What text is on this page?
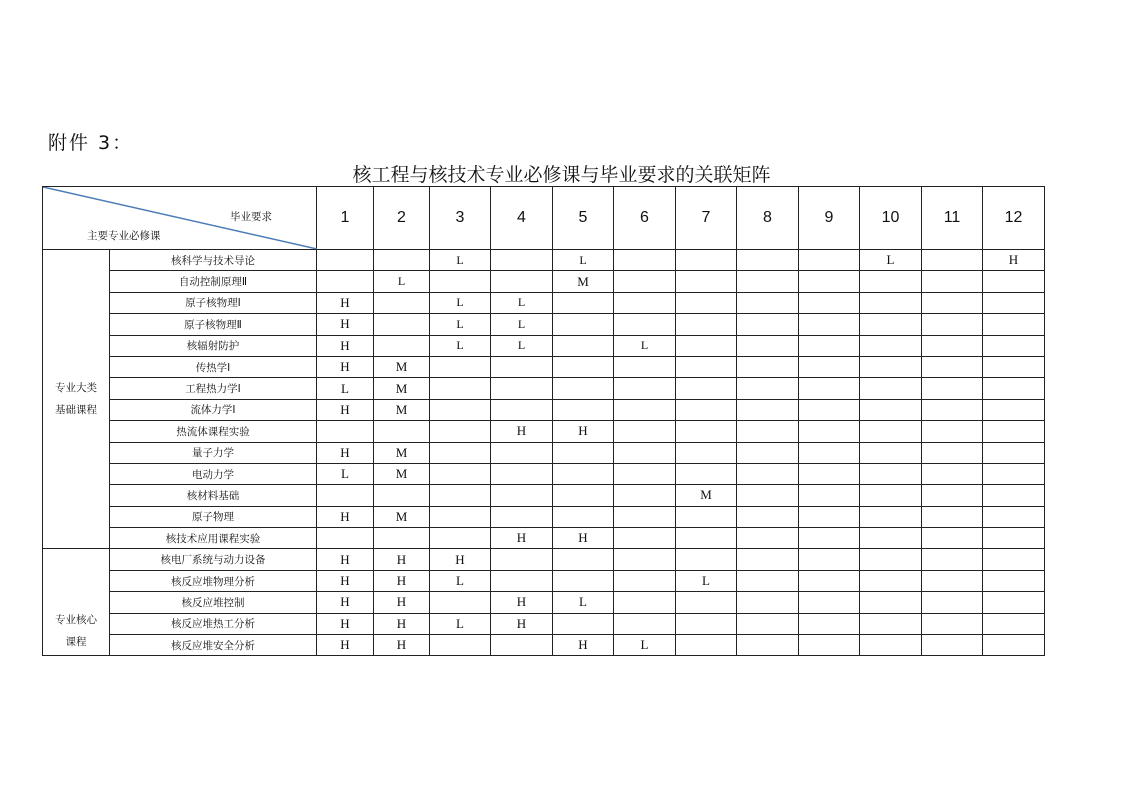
附件 3：
核工程与核技术专业必修课与毕业要求的关联矩阵
毕业要求
主要专业必修课		1	2	3	4	5	6	7	8	9	10	11	12
专业大类
基础课程	核科学与技术导论			L		L					L		H
	自动控制原理Ⅱ		L			M							
	原子核物理Ⅰ	H		L	L								
	原子核物理Ⅱ	H		L	L								
	核辐射防护	H		L	L		L						
	传热学Ⅰ	H	M										
	工程热力学Ⅰ	L	M										
	流体力学Ⅰ	H	M										
	热流体课程实验				H	H							
	量子力学	H	M										
	电动力学	L	M										
	核材料基础							M					
	原子物理	H	M										
	核技术应用课程实验				H	H							
专业核心
课程	核电厂系统与动力设备	H	H	H									
	核反应堆物理分析	H	H	L				L					
	核反应堆控制	H	H		H	L							
	核反应堆热工分析	H	H	L	H								
	核反应堆安全分析	H	H			H	L						
